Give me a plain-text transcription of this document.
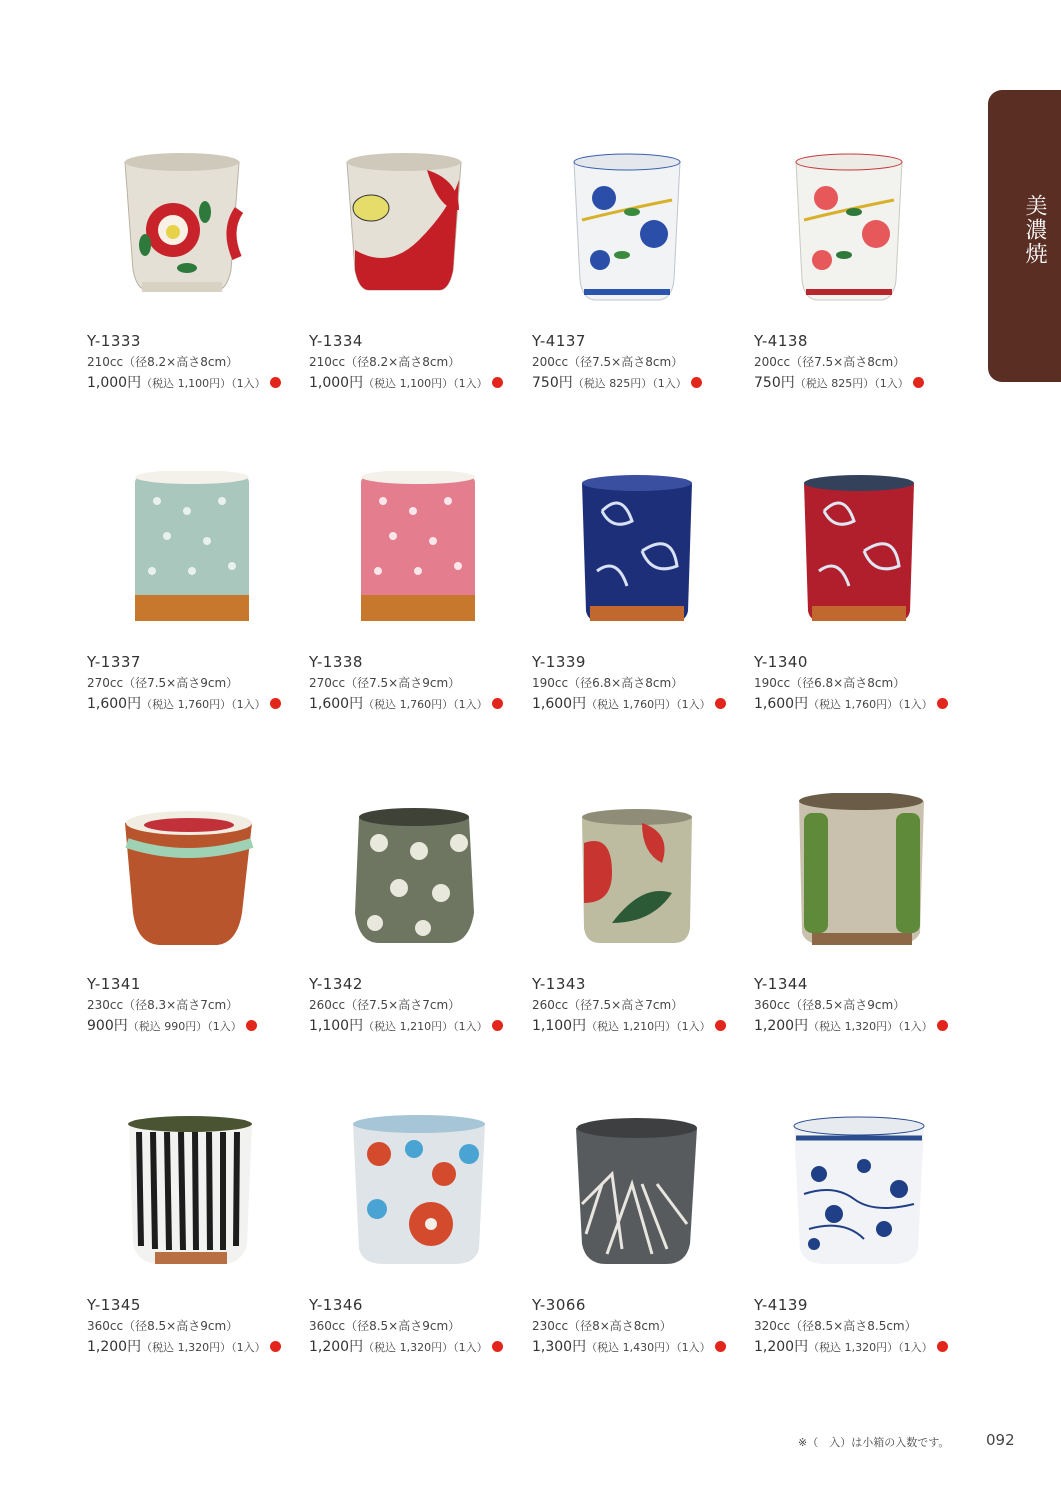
美濃焼
Y-1333
210cc（径8.2×高さ8cm）
1,000円（税込 1,100円）（1入）
Y-1334
210cc（径8.2×高さ8cm）
1,000円（税込 1,100円）（1入）
Y-4137
200cc（径7.5×高さ8cm）
750円（税込 825円）（1入）
Y-4138
200cc（径7.5×高さ8cm）
750円（税込 825円）（1入）
Y-1337
270cc（径7.5×高さ9cm）
1,600円（税込 1,760円）（1入）
Y-1338
270cc（径7.5×高さ9cm）
1,600円（税込 1,760円）（1入）
Y-1339
190cc（径6.8×高さ8cm）
1,600円（税込 1,760円）（1入）
Y-1340
190cc（径6.8×高さ8cm）
1,600円（税込 1,760円）（1入）
Y-1341
230cc（径8.3×高さ7cm）
900円（税込 990円）（1入）
Y-1342
260cc（径7.5×高さ7cm）
1,100円（税込 1,210円）（1入）
Y-1343
260cc（径7.5×高さ7cm）
1,100円（税込 1,210円）（1入）
Y-1344
360cc（径8.5×高さ9cm）
1,200円（税込 1,320円）（1入）
Y-1345
360cc（径8.5×高さ9cm）
1,200円（税込 1,320円）（1入）
Y-1346
360cc（径8.5×高さ9cm）
1,200円（税込 1,320円）（1入）
Y-3066
230cc（径8×高さ8cm）
1,300円（税込 1,430円）（1入）
Y-4139
320cc（径8.5×高さ8.5cm）
1,200円（税込 1,320円）（1入）
※（　入）は小箱の入数です。 092
